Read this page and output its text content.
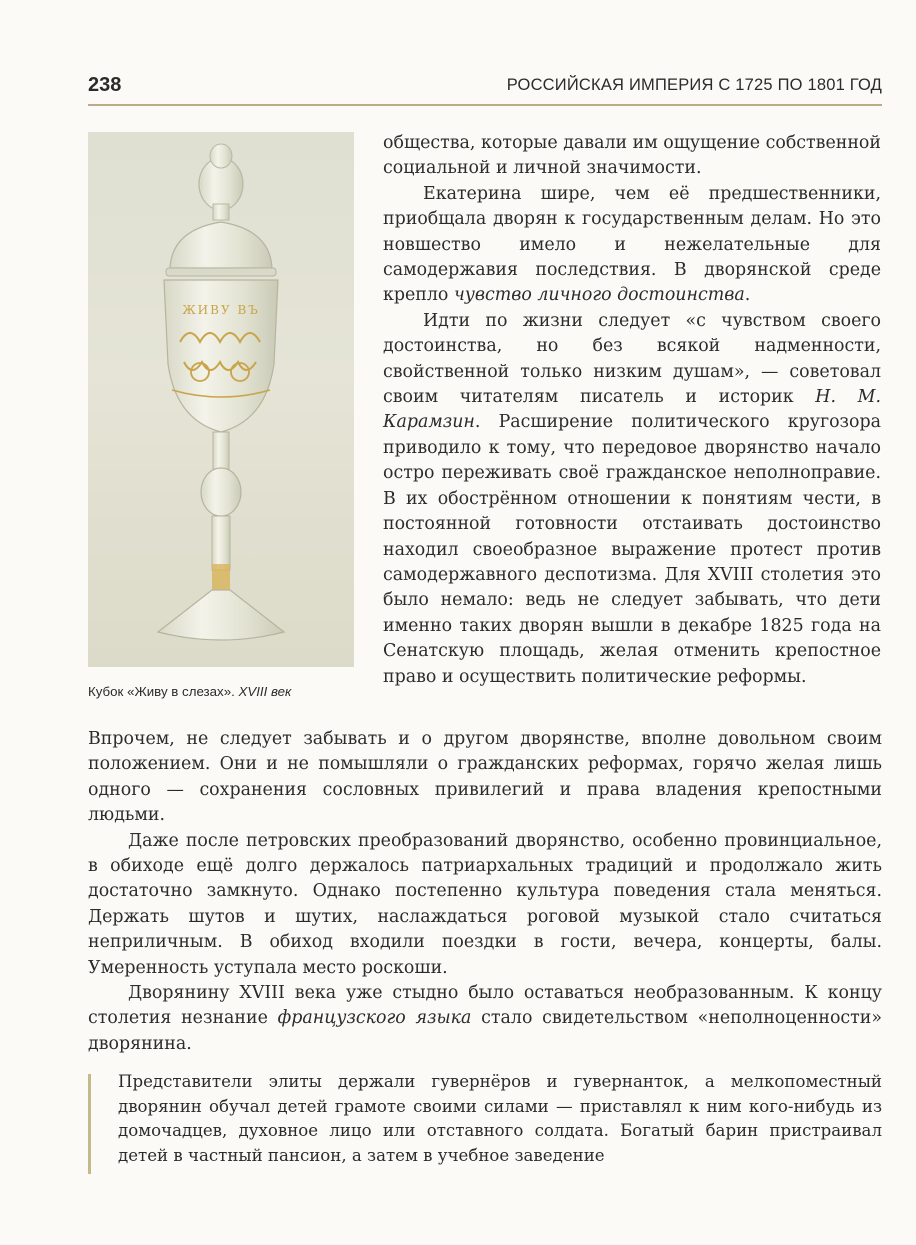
238	РОССИЙСКАЯ ИМПЕРИЯ С 1725 ПО 1801 ГОД
ЖИВУ ВЪ
Кубок «Живу в слезах». XVIII век

общества, которые давали им ощущение собственной социальной и личной значимости.

Екатерина шире, чем её предшественники, приобщала дворян к государственным делам. Но это новшество имело и нежелательные для самодержавия последствия. В дворянской среде крепло чувство личного достоинства.

Идти по жизни следует «с чувством своего достоинства, но без всякой надменности, свойственной только низким душам», — советовал своим читателям писатель и историк Н. М. Карамзин. Расширение политического кругозора приводило к тому, что передовое дворянство начало остро переживать своё гражданское неполноправие. В их обострённом отношении к понятиям чести, в постоянной готовности отстаивать достоинство находил своеобразное выражение протест против самодержавного деспотизма. Для XVIII столетия это было немало: ведь не следует забывать, что дети именно таких дворян вышли в декабре 1825 года на Сенатскую площадь, желая отменить крепостное право и осуществить политические реформы.

Впрочем, не следует забывать и о другом дворянстве, вполне довольном своим положением. Они и не помышляли о гражданских реформах, горячо желая лишь одного — сохранения сословных привилегий и права владения крепостными людьми.

Даже после петровских преобразований дворянство, особенно провинциальное, в обиходе ещё долго держалось патриархальных традиций и продолжало жить достаточно замкнуто. Однако постепенно культура поведения стала меняться. Держать шутов и шутих, наслаждаться роговой музыкой стало считаться неприличным. В обиход входили поездки в гости, вечера, концерты, балы. Умеренность уступала место роскоши.

Дворянину XVIII века уже стыдно было оставаться необразованным. К концу столетия незнание французского языка стало свидетельством «неполноценности» дворянина.

Представители элиты держали гувернёров и гувернанток, а мелкопоместный дворянин обучал детей грамоте своими силами — приставлял к ним кого-нибудь из домочадцев, духовное лицо или отставного солдата. Богатый барин пристраивал детей в частный пансион, а затем в учебное заведение
